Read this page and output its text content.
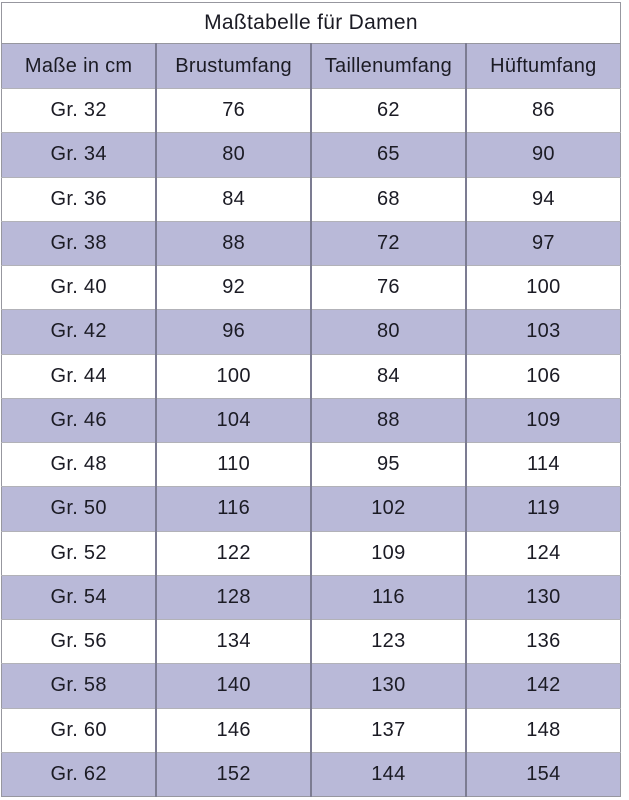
Maßtabelle für Damen			
Maße in cm	Brustumfang	Taillenumfang	Hüftumfang
Gr. 32	76	62	86
Gr. 34	80	65	90
Gr. 36	84	68	94
Gr. 38	88	72	97
Gr. 40	92	76	100
Gr. 42	96	80	103
Gr. 44	100	84	106
Gr. 46	104	88	109
Gr. 48	110	95	114
Gr. 50	116	102	119
Gr. 52	122	109	124
Gr. 54	128	116	130
Gr. 56	134	123	136
Gr. 58	140	130	142
Gr. 60	146	137	148
Gr. 62	152	144	154
